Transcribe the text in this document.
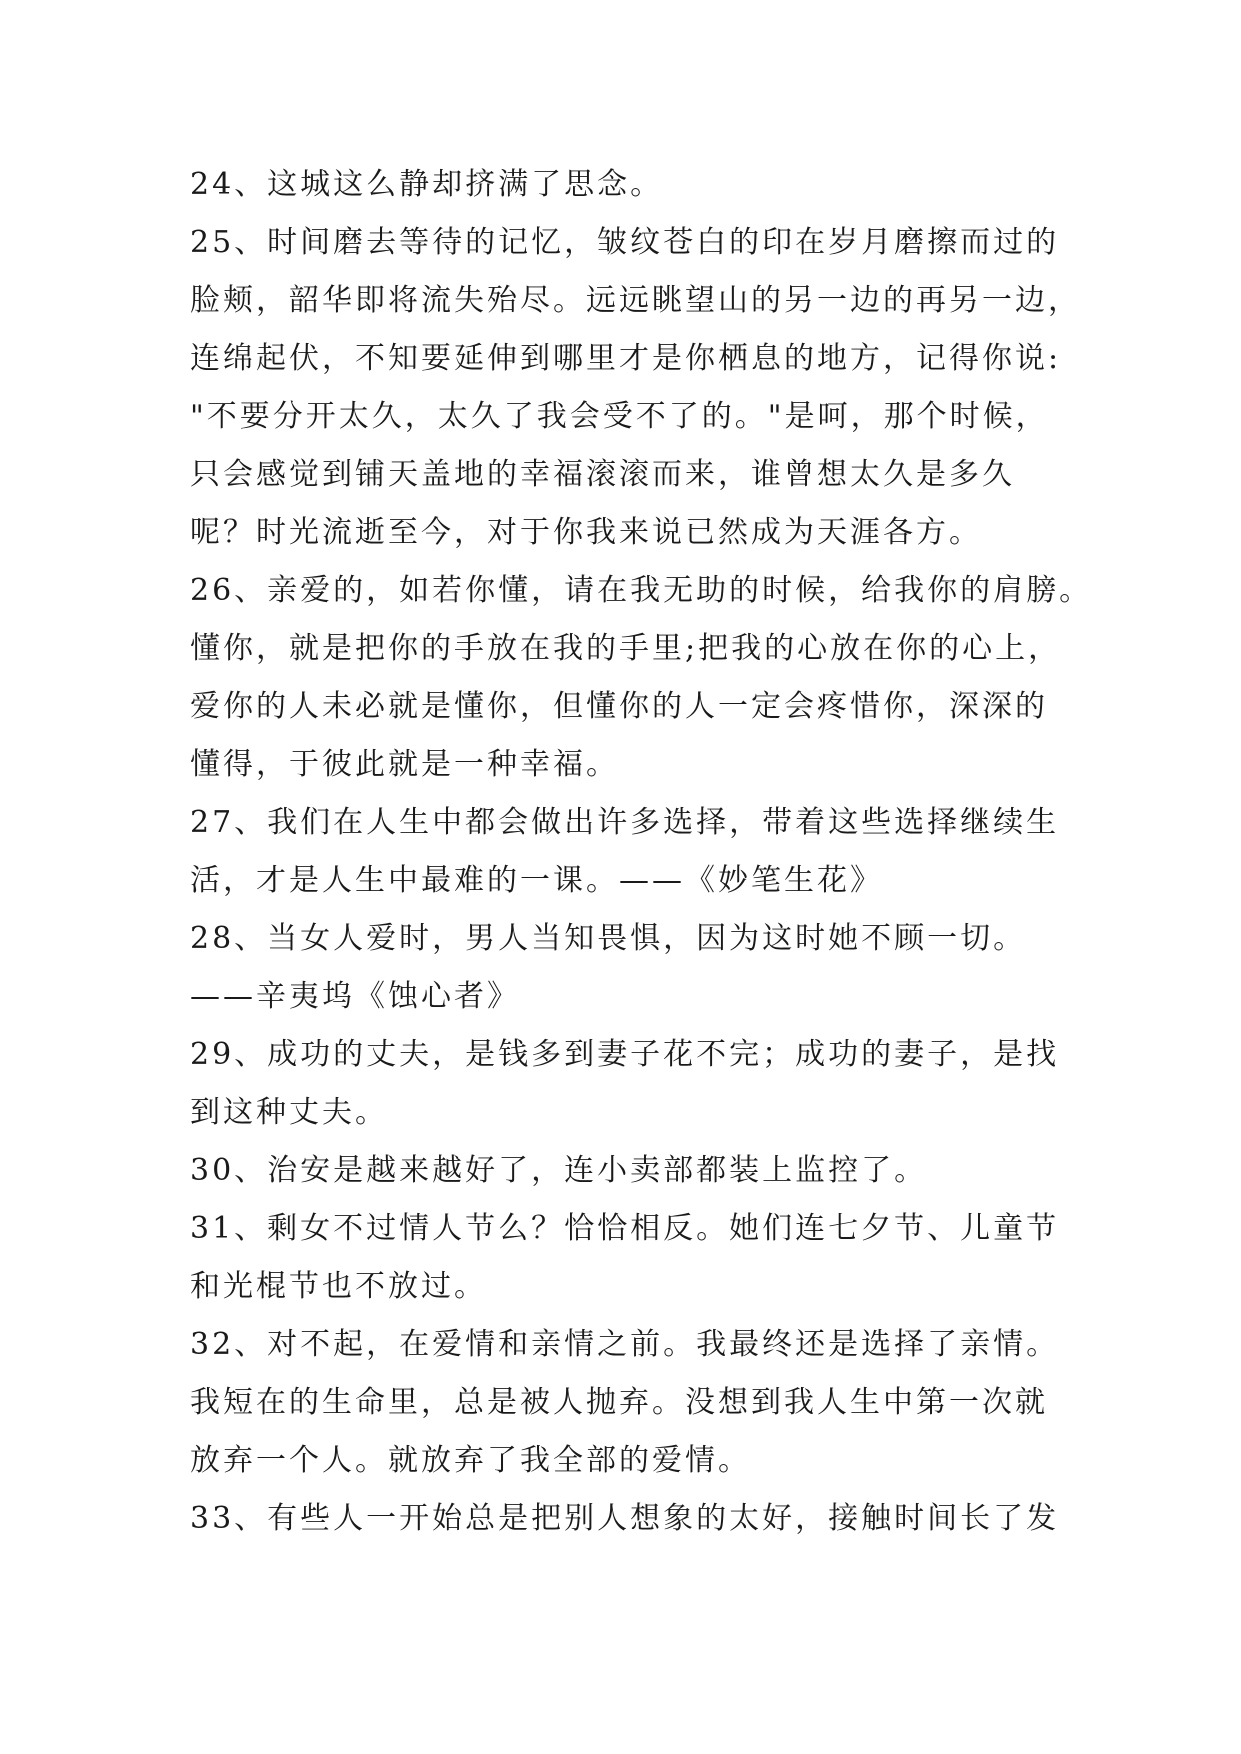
24、这城这么静却挤满了思念。
25、时间磨去等待的记忆，皱纹苍白的印在岁月磨擦而过的
脸颊，韶华即将流失殆尽。远远眺望山的另一边的再另一边，
连绵起伏，不知要延伸到哪里才是你栖息的地方，记得你说:
"不要分开太久，太久了我会受不了的。"是呵，那个时候，
只会感觉到铺天盖地的幸福滚滚而来，谁曾想太久是多久
呢？时光流逝至今，对于你我来说已然成为天涯各方。
26、亲爱的，如若你懂，请在我无助的时候，给我你的肩膀。
懂你，就是把你的手放在我的手里;把我的心放在你的心上，
爱你的人未必就是懂你，但懂你的人一定会疼惜你，深深的
懂得，于彼此就是一种幸福。
27、我们在人生中都会做出许多选择，带着这些选择继续生
活，才是人生中最难的一课。——《妙笔生花》
28、当女人爱时，男人当知畏惧，因为这时她不顾一切。
——辛夷坞《蚀心者》
29、成功的丈夫，是钱多到妻子花不完；成功的妻子，是找
到这种丈夫。
30、治安是越来越好了，连小卖部都装上监控了。
31、剩女不过情人节么？恰恰相反。她们连七夕节、儿童节
和光棍节也不放过。
32、对不起，在爱情和亲情之前。我最终还是选择了亲情。
我短在的生命里，总是被人抛弃。没想到我人生中第一次就
放弃一个人。就放弃了我全部的爱情。
33、有些人一开始总是把别人想象的太好，接触时间长了发
